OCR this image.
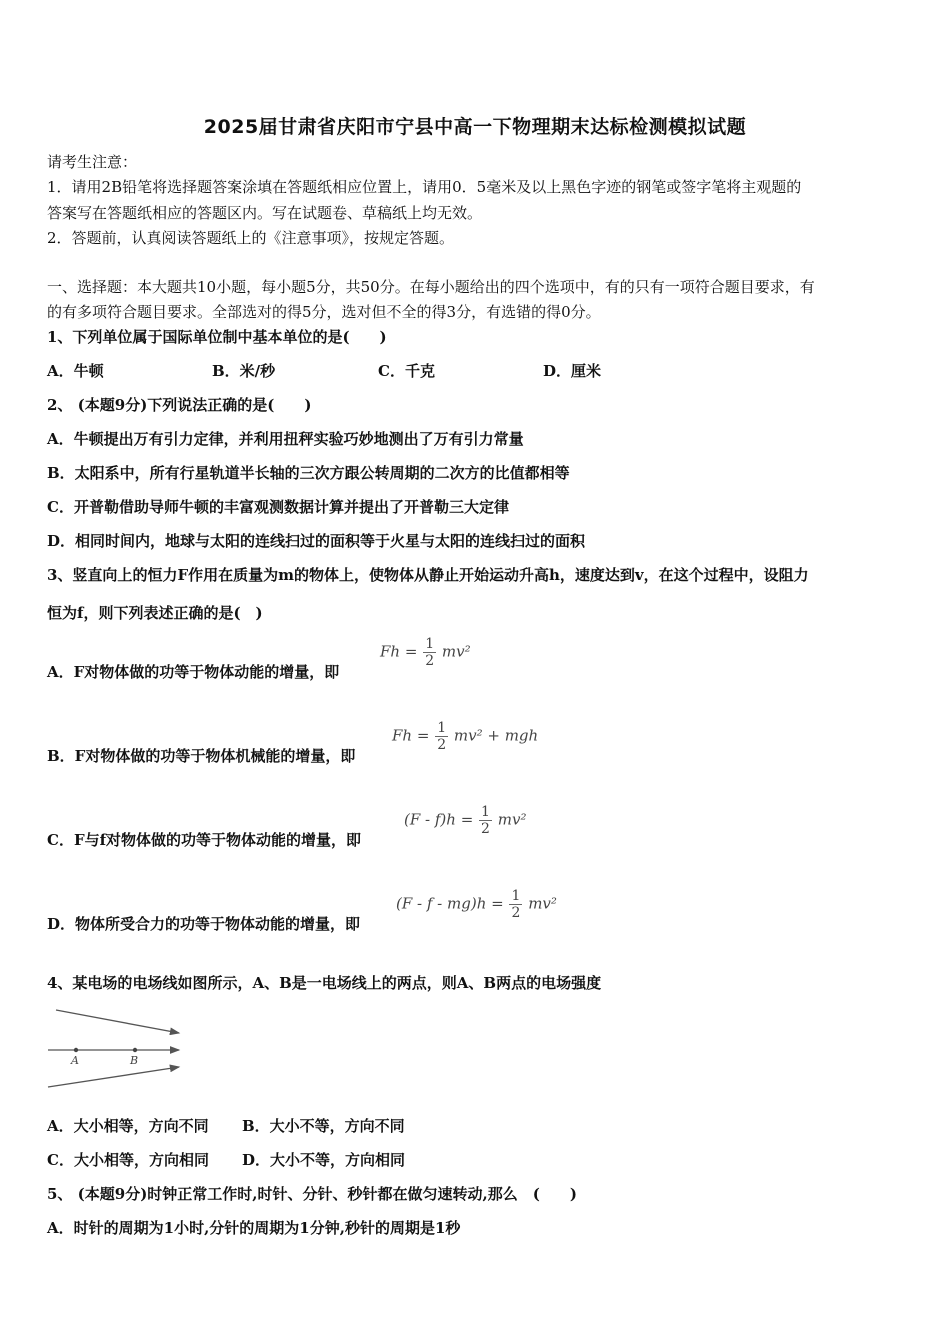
2025届甘肃省庆阳市宁县中高一下物理期末达标检测模拟试题
请考生注意：
1．请用2B铅笔将选择题答案涂填在答题纸相应位置上，请用0．5毫米及以上黑色字迹的钢笔或签字笔将主观题的
答案写在答题纸相应的答题区内。写在试题卷、草稿纸上均无效。
2．答题前，认真阅读答题纸上的《注意事项》，按规定答题。
一、选择题：本大题共10小题，每小题5分，共50分。在每小题给出的四个选项中，有的只有一项符合题目要求，有
的有多项符合题目要求。全部选对的得5分，选对但不全的得3分，有选错的得0分。
1、下列单位属于国际单位制中基本单位的是(　　)
A．牛顿	B．米/秒	C．千克	D．厘米
2、 (本题9分)下列说法正确的是(　　)
A．牛顿提出万有引力定律，并利用扭秤实验巧妙地测出了万有引力常量
B．太阳系中，所有行星轨道半长轴的三次方跟公转周期的二次方的比值都相等
C．开普勒借助导师牛顿的丰富观测数据计算并提出了开普勒三大定律
D．相同时间内，地球与太阳的连线扫过的面积等于火星与太阳的连线扫过的面积
3、竖直向上的恒力F作用在质量为m的物体上，使物体从静止开始运动升高h，速度达到v，在这个过程中，设阻力
恒为f，则下列表述正确的是(　)
A．F对物体做的功等于物体动能的增量，即
$Fh = \frac{1}{2} mv^2$
B．F对物体做的功等于物体机械能的增量，即
$Fh = \frac{1}{2} mv^2$ + mgh
C．F与f对物体做的功等于物体动能的增量，即
$(F - f)h = \frac{1}{2} mv^2$
D．物体所受合力的功等于物体动能的增量，即
$(F - f - mg)h = \frac{1}{2} mv^2$
4、某电场的电场线如图所示，A、B是一电场线上的两点，则A、B两点的电场强度
A	B
A．大小相等，方向不同 B．大小不等，方向不同
C．大小相等，方向相同 D．大小不等，方向相同
5、 (本题9分)时钟正常工作时,时针、分针、秒针都在做匀速转动,那么　(　　)
A．时针的周期为1小时,分针的周期为1分钟,秒针的周期是1秒
